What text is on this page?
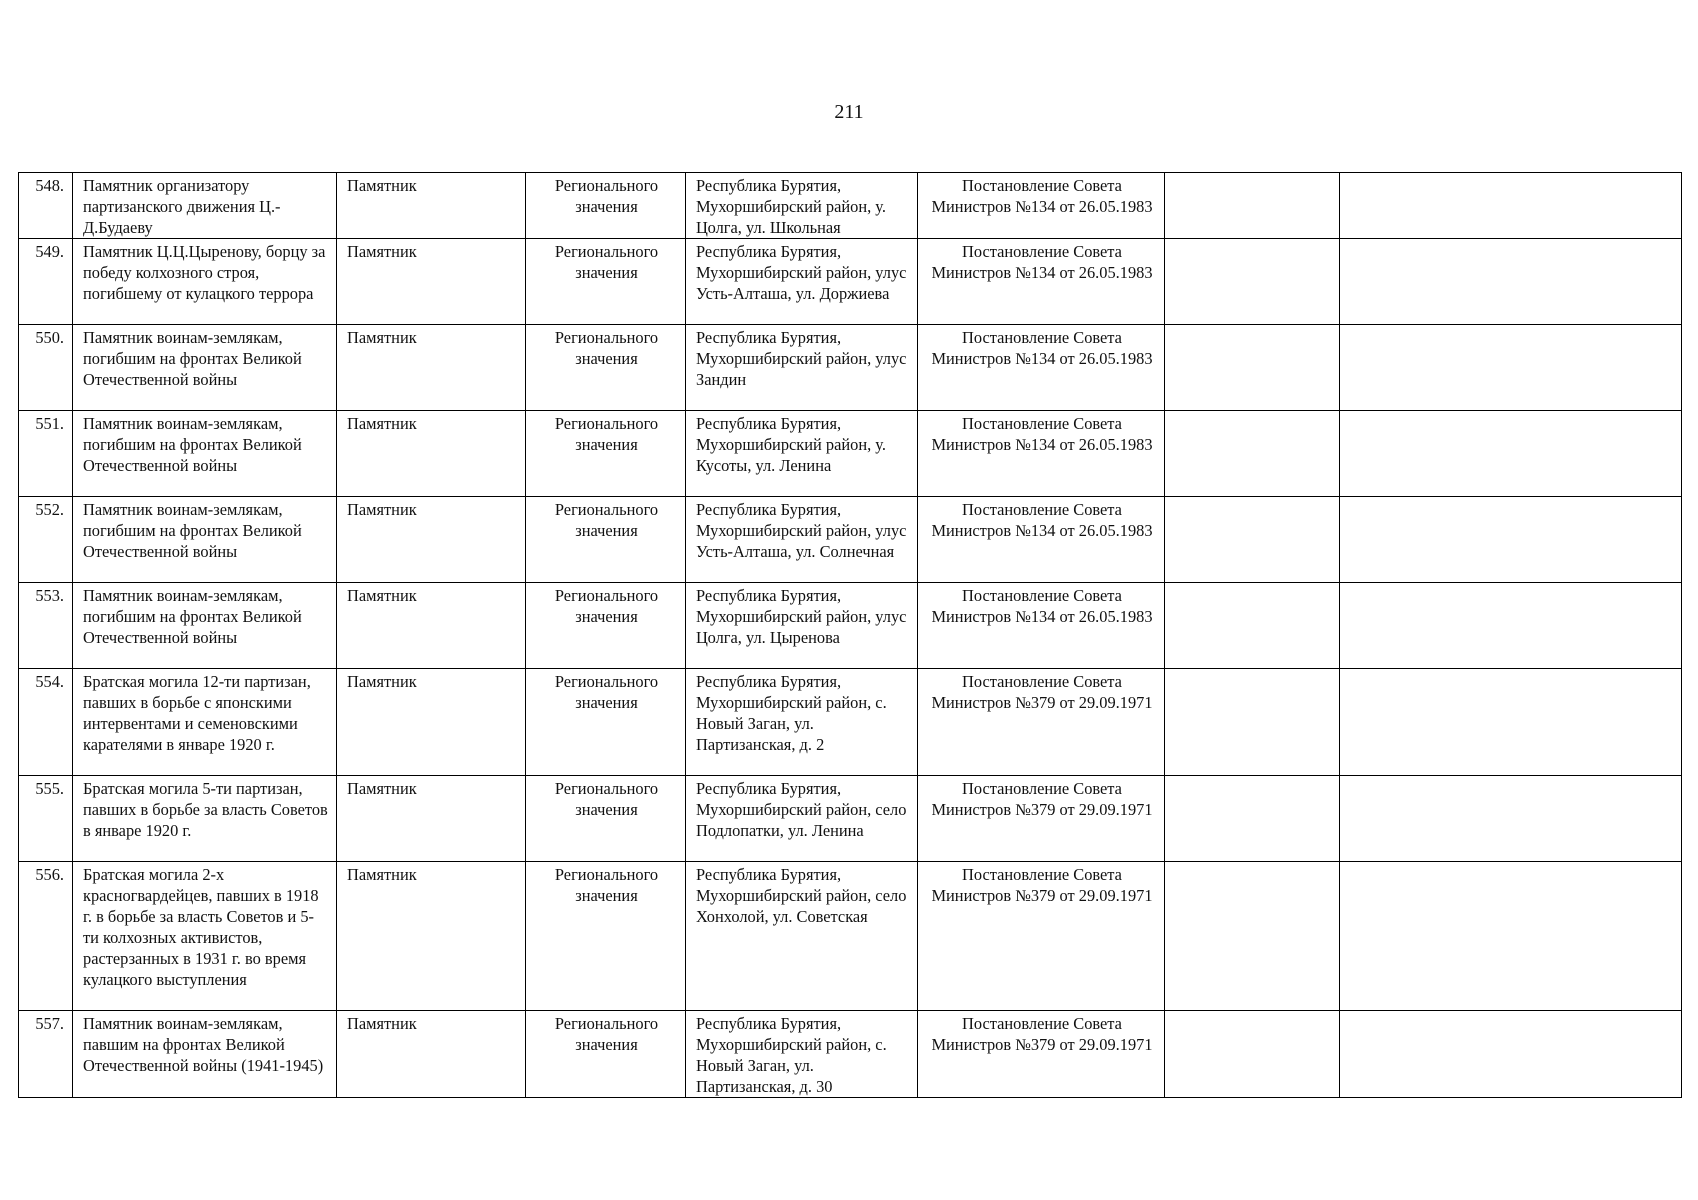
211
548.	Памятник организатору партизанского движения Ц.-Д.Будаеву	Памятник	Регионального значения	Республика Бурятия, Мухоршибирский район, у. Цолга, ул. Школьная	Постановление Совета Министров №134 от 26.05.1983		
549.	Памятник Ц.Ц.Цыренову, борцу за победу колхозного строя, погибшему от кулацкого террора	Памятник	Регионального значения	Республика Бурятия, Мухоршибирский район, улус Усть-Алташа, ул. Доржиева	Постановление Совета Министров №134 от 26.05.1983		
550.	Памятник воинам-землякам, погибшим на фронтах Великой Отечественной войны	Памятник	Регионального значения	Республика Бурятия, Мухоршибирский район, улус Зандин	Постановление Совета Министров №134 от 26.05.1983		
551.	Памятник воинам-землякам, погибшим на фронтах Великой Отечественной войны	Памятник	Регионального значения	Республика Бурятия, Мухоршибирский район, у. Кусоты, ул. Ленина	Постановление Совета Министров №134 от 26.05.1983		
552.	Памятник воинам-землякам, погибшим на фронтах Великой Отечественной войны	Памятник	Регионального значения	Республика Бурятия, Мухоршибирский район, улус Усть-Алташа, ул. Солнечная	Постановление Совета Министров №134 от 26.05.1983		
553.	Памятник воинам-землякам, погибшим на фронтах Великой Отечественной войны	Памятник	Регионального значения	Республика Бурятия, Мухоршибирский район, улус Цолга, ул. Цыренова	Постановление Совета Министров №134 от 26.05.1983		
554.	Братская могила 12-ти партизан, павших в борьбе с японскими интервентами и семеновскими карателями в январе 1920 г.	Памятник	Регионального значения	Республика Бурятия, Мухоршибирский район, с. Новый Заган, ул. Партизанская, д. 2	Постановление Совета Министров №379 от 29.09.1971		
555.	Братская могила 5-ти партизан, павших в борьбе за власть Советов в январе 1920 г.	Памятник	Регионального значения	Республика Бурятия, Мухоршибирский район, село Подлопатки, ул. Ленина	Постановление Совета Министров №379 от 29.09.1971		
556.	Братская могила 2-х красногвардейцев, павших в 1918 г. в борьбе за власть Советов и 5-ти колхозных активистов, растерзанных в 1931 г. во время кулацкого выступления	Памятник	Регионального значения	Республика Бурятия, Мухоршибирский район, село Хонхолой, ул. Советская	Постановление Совета Министров №379 от 29.09.1971		
557.	Памятник воинам-землякам, павшим на фронтах Великой Отечественной войны (1941-1945)	Памятник	Регионального значения	Республика Бурятия, Мухоршибирский район, с. Новый Заган, ул. Партизанская, д. 30	Постановление Совета Министров №379 от 29.09.1971		
